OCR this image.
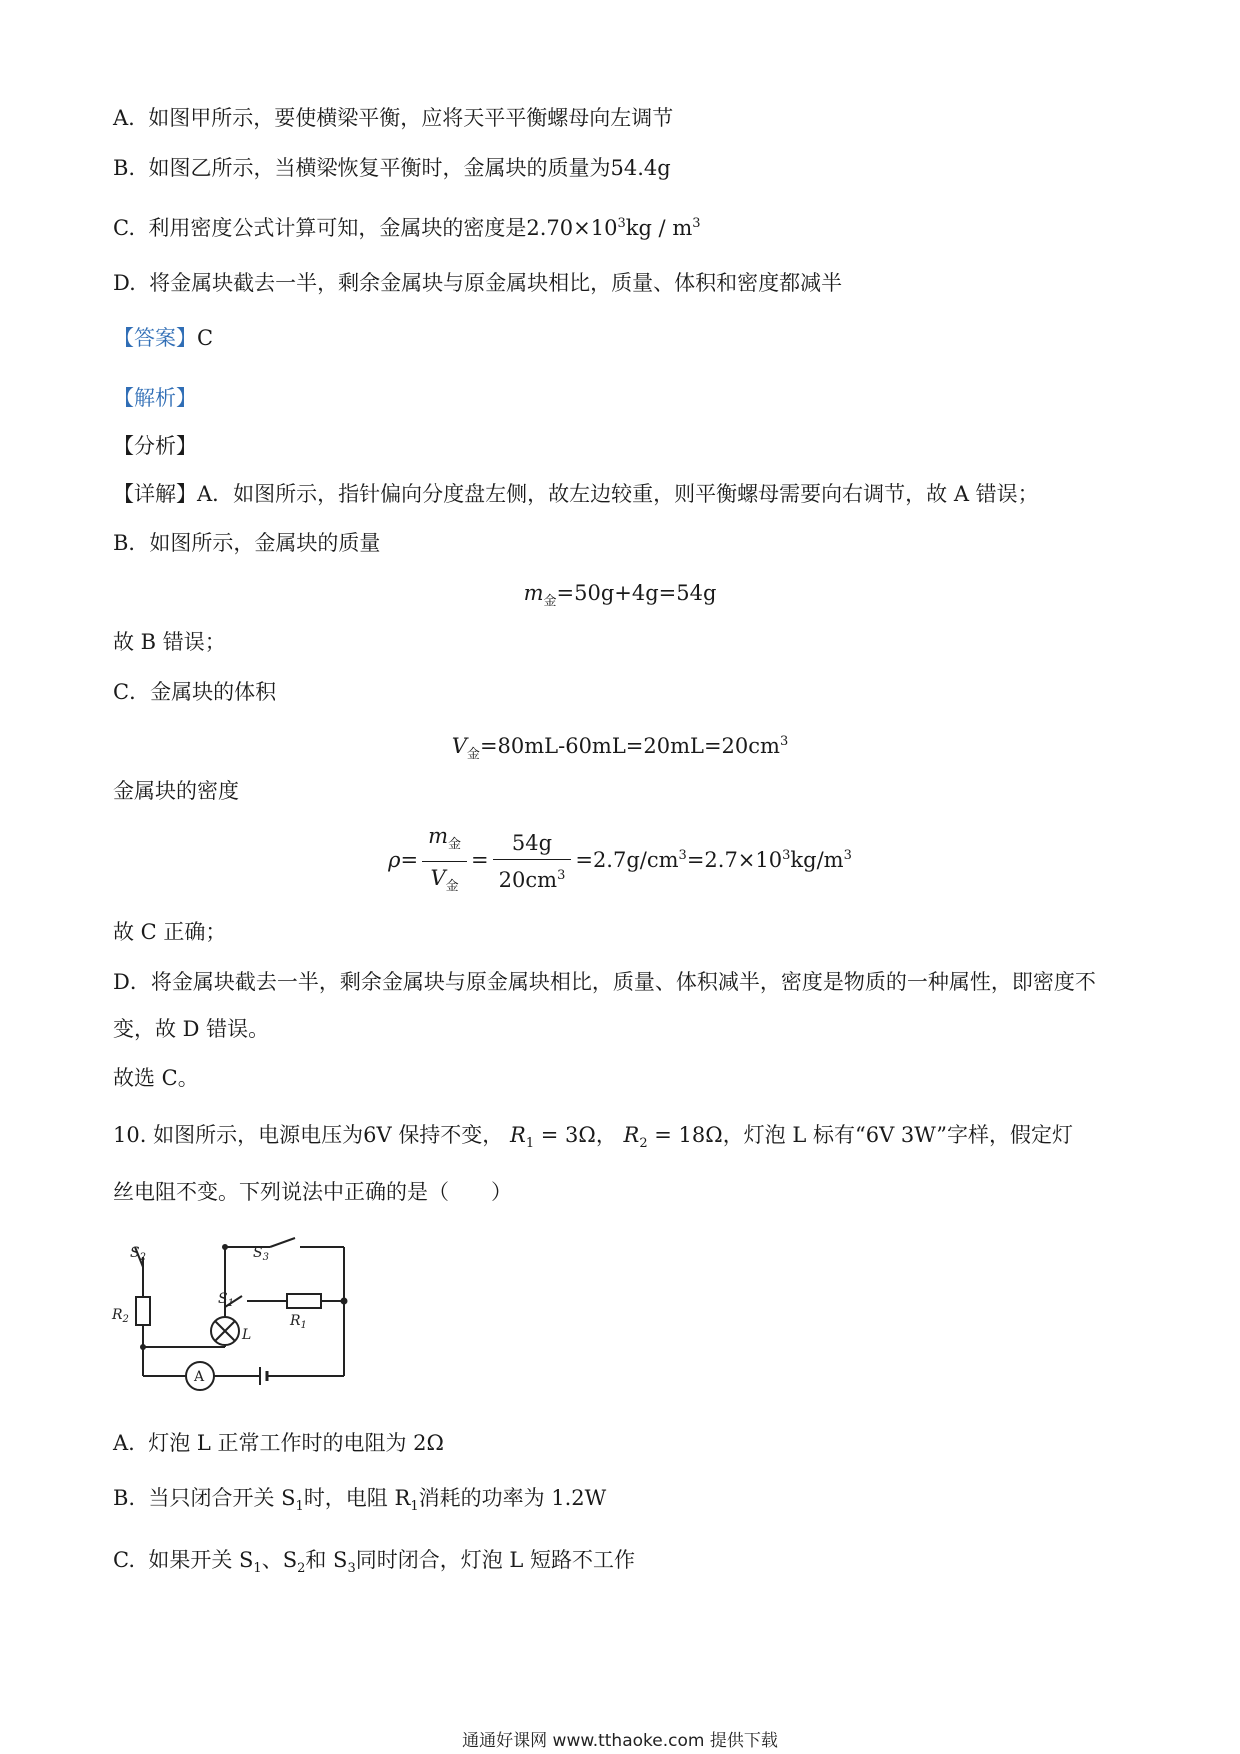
A. 如图甲所示，要使横梁平衡，应将天平平衡螺母向左调节
B. 如图乙所示，当横梁恢复平衡时，金属块的质量为54.4g
C. 利用密度公式计算可知，金属块的密度是$2.70\times 10^3kg / m^3$
D. 将金属块截去一半，剩余金属块与原金属块相比，质量、体积和密度都减半
【答案】C
【解析】
【分析】
【详解】A．如图所示，指针偏向分度盘左侧，故左边较重，则平衡螺母需要向右调节，故 A 错误；
B．如图所示，金属块的质量
$m_金=50g+4g=54g$
故 B 错误；
C．金属块的体积
$V_金=80mL-60mL=20mL=20cm^3$
金属块的密度
$\rho= \frac{m_金}{V_金} = \frac{54g}{20cm^3} =2.7g/cm^3=2.7\times 10^3kg/m^3$
故 C 正确；
D．将金属块截去一半，剩余金属块与原金属块相比，质量、体积减半，密度是物质的一种属性，即密度不
变，故 D 错误。
故选 C。
10. 如图所示，电源电压为6V 保持不变， $R_1 = 3\Omega$， $R_2 = 18\Omega$，灯泡 L 标有“6V 3W”字样，假定灯
丝电阻不变。下列说法中正确的是（　　）
$S_2$	$S_3$
$S_1$
$R_1$
$R_2$
L
A
A. 灯泡 L 正常工作时的电阻为 2Ω
B. 当只闭合开关 $S_1$时，电阻 $R_1$消耗的功率为 1.2W
C. 如果开关 $S_1$、$S_2$和 $S_3$同时闭合，灯泡 L 短路不工作
通通好课网 www.tthaoke.com 提供下载
